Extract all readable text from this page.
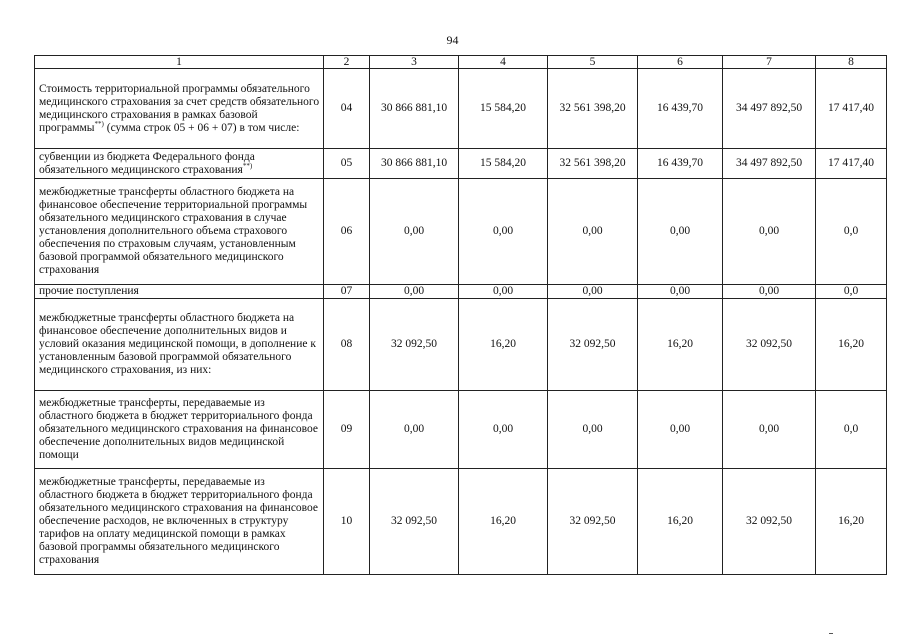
94
1	2	3	4	5	6	7	8
Стоимость территориальной программы обязательного медицинского страхования за счет средств обязательного медицинского страхования в рамках базовой программы**) (сумма строк 05 + 06 + 07) в том числе:	04	30 866 881,10	15 584,20	32 561 398,20	16 439,70	34 497 892,50	17 417,40
субвенции из бюджета Федерального фонда обязательного медицинского страхования**)	05	30 866 881,10	15 584,20	32 561 398,20	16 439,70	34 497 892,50	17 417,40
межбюджетные трансферты областного бюджета на финансовое обеспечение территориальной программы обязательного медицинского страхования в случае установления дополнительного объема страхового обеспечения по страховым случаям, установленным базовой программой обязательного медицинского страхования	06	0,00	0,00	0,00	0,00	0,00	0,0
прочие поступления	07	0,00	0,00	0,00	0,00	0,00	0,0
межбюджетные трансферты областного бюджета на финансовое обеспечение дополнительных видов и условий оказания медицинской помощи, в дополнение к установленным базовой программой обязательного медицинского страхования, из них:	08	32 092,50	16,20	32 092,50	16,20	32 092,50	16,20
межбюджетные трансферты, передаваемые из областного бюджета в бюджет территориального фонда обязательного медицинского страхования на финансовое обеспечение дополнительных видов медицинской помощи	09	0,00	0,00	0,00	0,00	0,00	0,0
межбюджетные трансферты, передаваемые из областного бюджета в бюджет территориального фонда обязательного медицинского страхования на финансовое обеспечение расходов, не включенных в структуру тарифов на оплату медицинской помощи в рамках базовой программы обязательного медицинского страхования	10	32 092,50	16,20	32 092,50	16,20	32 092,50	16,20
